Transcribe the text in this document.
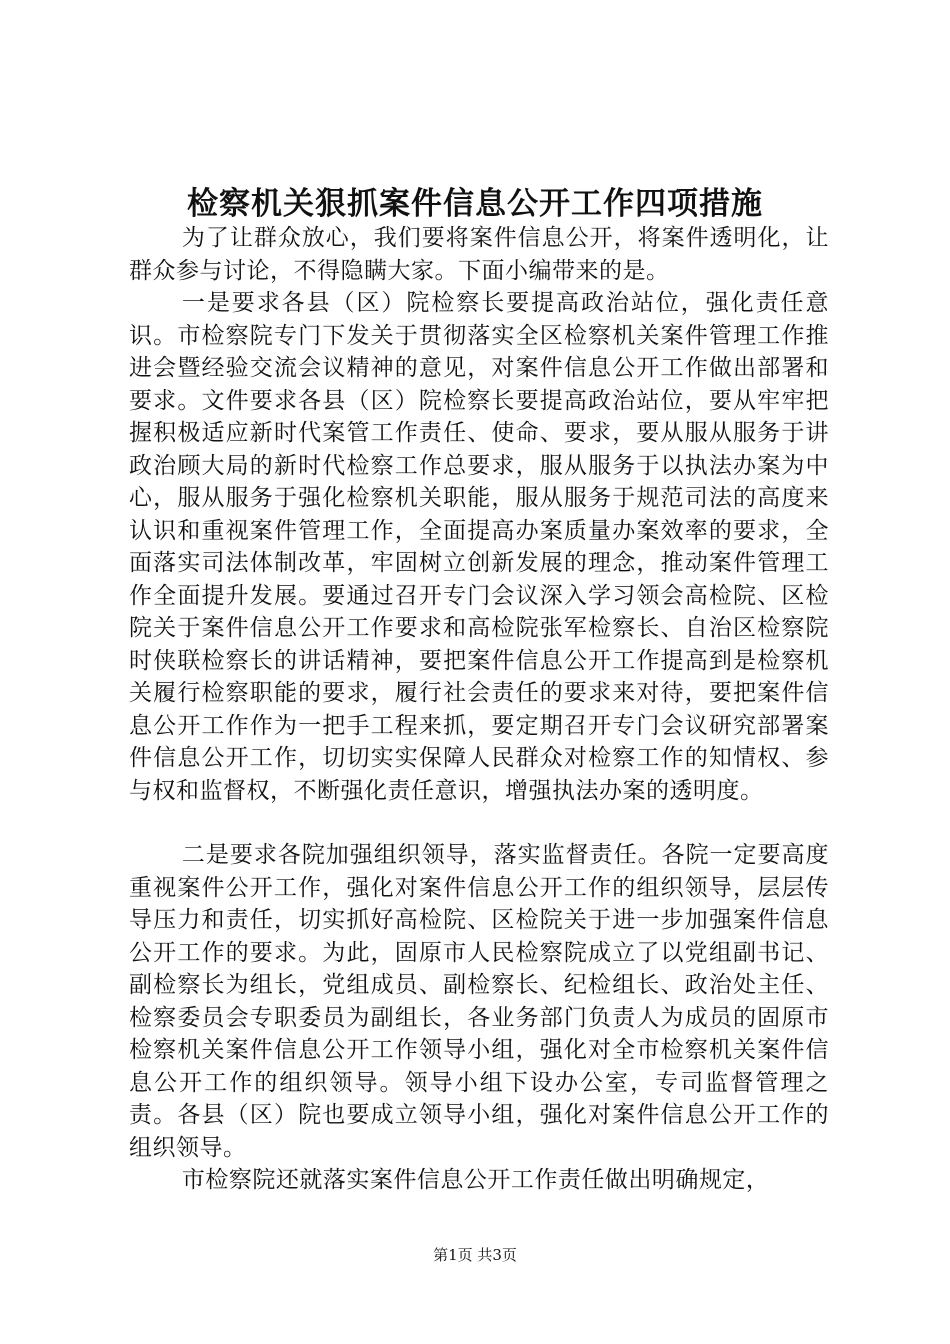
检察机关狠抓案件信息公开工作四项措施

为了让群众放心，我们要将案件信息公开，将案件透明化，让群众参与讨论，不得隐瞒大家。下面小编带来的是。

一是要求各县（区）院检察长要提高政治站位，强化责任意识。市检察院专门下发关于贯彻落实全区检察机关案件管理工作推进会暨经验交流会议精神的意见，对案件信息公开工作做出部署和要求。文件要求各县（区）院检察长要提高政治站位，要从牢牢把握积极适应新时代案管工作责任、使命、要求，要从服从服务于讲政治顾大局的新时代检察工作总要求，服从服务于以执法办案为中心，服从服务于强化检察机关职能，服从服务于规范司法的高度来认识和重视案件管理工作，全面提高办案质量办案效率的要求，全面落实司法体制改革，牢固树立创新发展的理念，推动案件管理工作全面提升发展。要通过召开专门会议深入学习领会高检院、区检院关于案件信息公开工作要求和高检院张军检察长、自治区检察院时侠联检察长的讲话精神，要把案件信息公开工作提高到是检察机关履行检察职能的要求，履行社会责任的要求来对待，要把案件信息公开工作作为一把手工程来抓，要定期召开专门会议研究部署案件信息公开工作，切切实实保障人民群众对检察工作的知情权、参与权和监督权，不断强化责任意识，增强执法办案的透明度。

二是要求各院加强组织领导，落实监督责任。各院一定要高度重视案件公开工作，强化对案件信息公开工作的组织领导，层层传导压力和责任，切实抓好高检院、区检院关于进一步加强案件信息公开工作的要求。为此，固原市人民检察院成立了以党组副书记、副检察长为组长，党组成员、副检察长、纪检组长、政治处主任、检察委员会专职委员为副组长，各业务部门负责人为成员的固原市检察机关案件信息公开工作领导小组，强化对全市检察机关案件信息公开工作的组织领导。领导小组下设办公室，专司监督管理之责。各县（区）院也要成立领导小组，强化对案件信息公开工作的组织领导。

市检察院还就落实案件信息公开工作责任做出明确规定，

第1页 共3页
